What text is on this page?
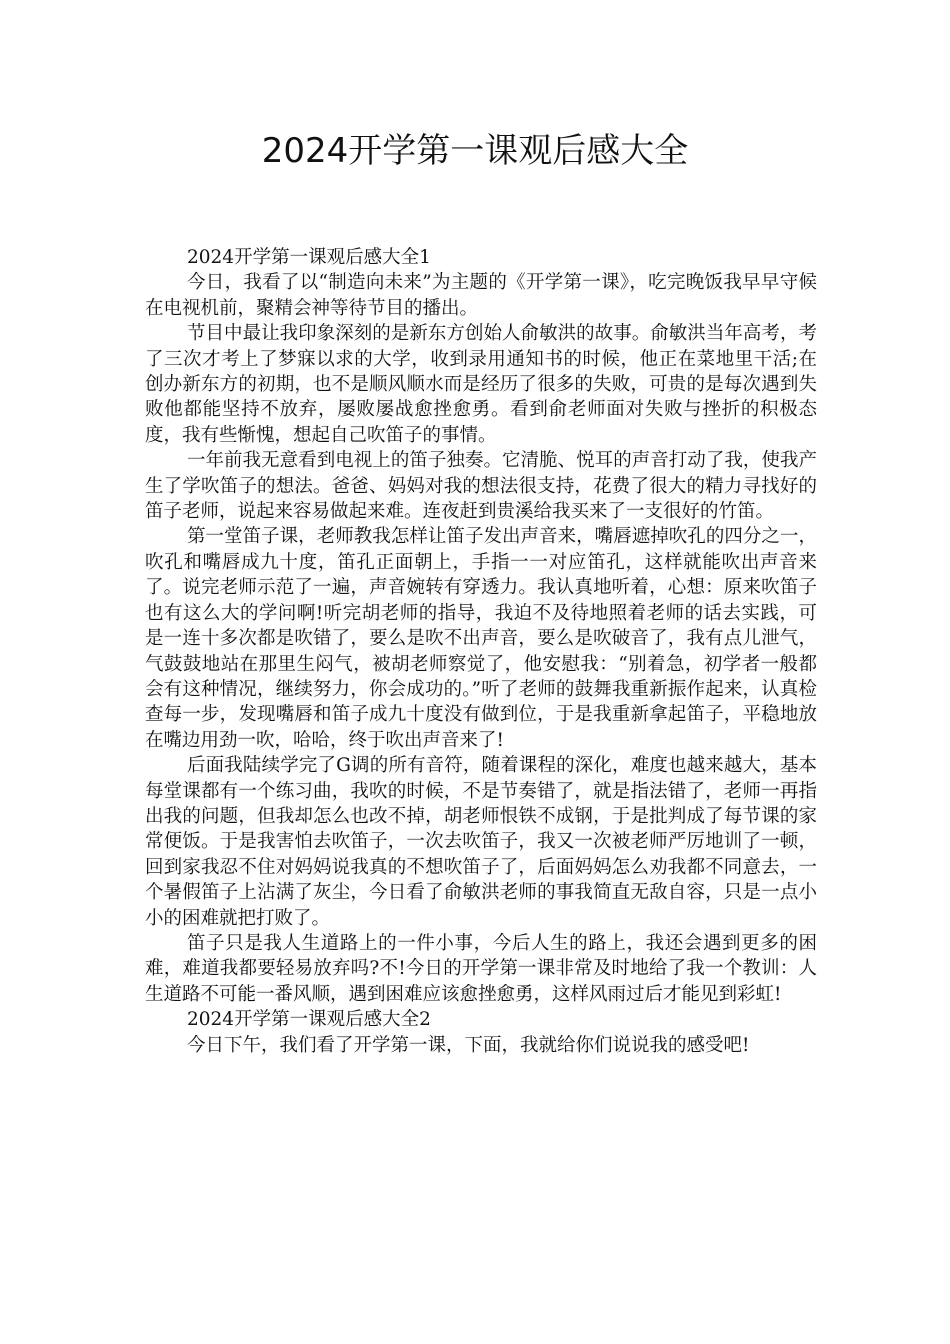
2024开学第一课观后感大全

2024开学第一课观后感大全1

今日，我看了以“制造向未来”为主题的《开学第一课》，吃完晚饭我早早守候在电视机前，聚精会神等待节目的播出。

节目中最让我印象深刻的是新东方创始人俞敏洪的故事。俞敏洪当年高考，考了三次才考上了梦寐以求的大学，收到录用通知书的时候，他正在菜地里干活;在创办新东方的初期，也不是顺风顺水而是经历了很多的失败，可贵的是每次遇到失败他都能坚持不放弃，屡败屡战愈挫愈勇。看到俞老师面对失败与挫折的积极态度，我有些惭愧，想起自己吹笛子的事情。

一年前我无意看到电视上的笛子独奏。它清脆、悦耳的声音打动了我，使我产生了学吹笛子的想法。爸爸、妈妈对我的想法很支持，花费了很大的精力寻找好的笛子老师，说起来容易做起来难。连夜赶到贵溪给我买来了一支很好的竹笛。

第一堂笛子课，老师教我怎样让笛子发出声音来，嘴唇遮掉吹孔的四分之一，吹孔和嘴唇成九十度，笛孔正面朝上，手指一一对应笛孔，这样就能吹出声音来了。说完老师示范了一遍，声音婉转有穿透力。我认真地听着，心想：原来吹笛子也有这么大的学问啊!听完胡老师的指导，我迫不及待地照着老师的话去实践，可是一连十多次都是吹错了，要么是吹不出声音，要么是吹破音了，我有点儿泄气，气鼓鼓地站在那里生闷气，被胡老师察觉了，他安慰我：“别着急，初学者一般都会有这种情况，继续努力，你会成功的。”听了老师的鼓舞我重新振作起来，认真检查每一步，发现嘴唇和笛子成九十度没有做到位，于是我重新拿起笛子，平稳地放在嘴边用劲一吹，哈哈，终于吹出声音来了!

后面我陆续学完了G调的所有音符，随着课程的深化，难度也越来越大，基本每堂课都有一个练习曲，我吹的时候，不是节奏错了，就是指法错了，老师一再指出我的问题，但我却怎么也改不掉，胡老师恨铁不成钢，于是批判成了每节课的家常便饭。于是我害怕去吹笛子，一次去吹笛子，我又一次被老师严厉地训了一顿，回到家我忍不住对妈妈说我真的不想吹笛子了，后面妈妈怎么劝我都不同意去，一个暑假笛子上沾满了灰尘，今日看了俞敏洪老师的事我简直无敌自容，只是一点小小的困难就把打败了。

笛子只是我人生道路上的一件小事，今后人生的路上，我还会遇到更多的困难，难道我都要轻易放弃吗?不!今日的开学第一课非常及时地给了我一个教训：人生道路不可能一番风顺，遇到困难应该愈挫愈勇，这样风雨过后才能见到彩虹!

2024开学第一课观后感大全2

今日下午，我们看了开学第一课，下面，我就给你们说说我的感受吧!
